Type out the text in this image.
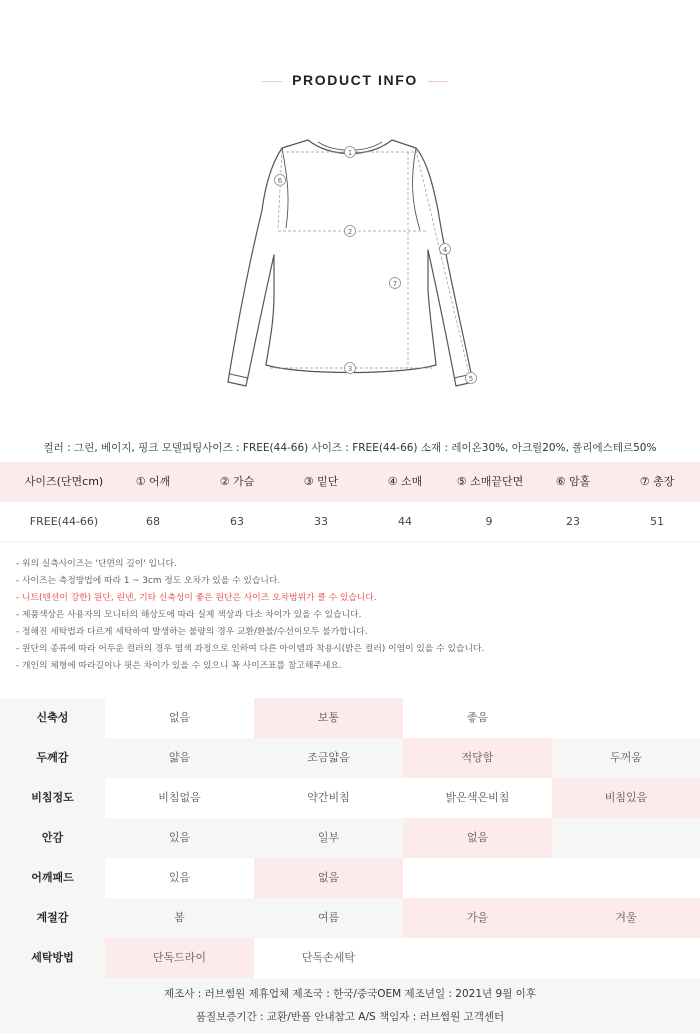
PRODUCT INFO
1
2
3
4
5
6
7
컬러 : 그린, 베이지, 핑크 모델피팅사이즈 : FREE(44-66) 사이즈 : FREE(44-66) 소재 : 레이온30%, 아크릴20%, 폴리에스테르50%
사이즈(단면cm)	① 어깨	② 가슴	③ 밑단	④ 소매	⑤ 소매끝단면	⑥ 암홀	⑦ 총장
FREE(44-66)	68	63	33	44	9	23	51
- 위의 실측사이즈는 '단면의 길이' 입니다.
- 사이즈는 측정방법에 따라 1 ~ 3cm 정도 오차가 있을 수 있습니다.
- 니트(텐션이 강한) 원단, 린넨, 기타 신축성이 좋은 원단은 사이즈 오차범위가 클 수 있습니다.
- 제품색상은 사용자의 모니터의 해상도에 따라 실제 색상과 다소 차이가 있을 수 있습니다.
- 정해진 세탁법과 다르게 세탁하여 발생하는 불량의 경우 교환/환불/수선이모두 불가합니다.
- 원단의 종류에 따라 어두운 컬러의 경우 염색 과정으로 인하여 다른 아이템과 착용시(밝은 컬러) 이염이 있을 수 있습니다.
- 개인의 체형에 따라길이나 핏은 차이가 있을 수 있으니 꼭 사이즈표를 참고해주세요.
신축성	없음	보통	좋음
두께감	얇음	조금얇음	적당함	두꺼움
비침정도	비침없음	약간비침	밝은색은비침	비침있음
안감	있음	일부	없음
어깨패드	있음	없음
계절감	봄	여름	가을	겨울
세탁방법	단독드라이	단독손세탁
제조사 : 러브썸원 제휴업체 제조국 : 한국/중국OEM 제조년일 : 2021년 9월 이후
품질보증기간 : 교환/반품 안내참고 A/S 책임자 : 러브썸원 고객센터
